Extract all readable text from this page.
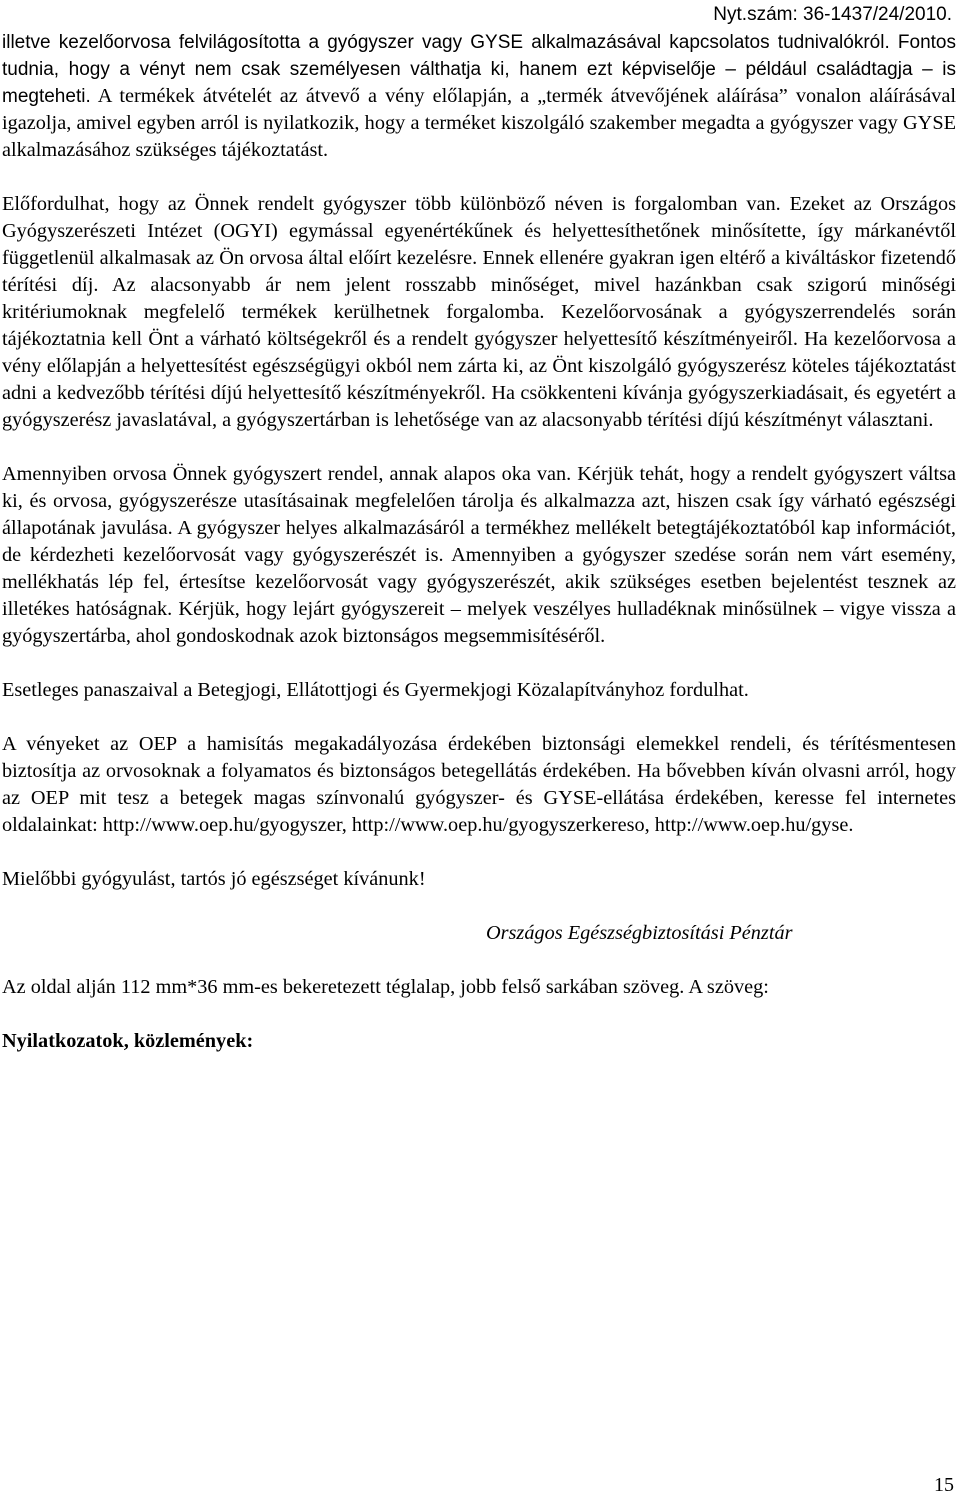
Nyt.szám: 36-1437/24/2010.

illetve kezelőorvosa felvilágosította a gyógyszer vagy GYSE alkalmazásával kapcsolatos tudnivalókról. Fontos tudnia, hogy a vényt nem csak személyesen válthatja ki, hanem ezt képviselője – például családtagja – is megteheti. A termékek átvételét az átvevő a vény előlapján, a „termék átvevőjének aláírása” vonalon aláírásával igazolja, amivel egyben arról is nyilatkozik, hogy a terméket kiszolgáló szakember megadta a gyógyszer vagy GYSE alkalmazásához szükséges tájékoztatást.

Előfordulhat, hogy az Önnek rendelt gyógyszer több különböző néven is forgalomban van. Ezeket az Országos Gyógyszerészeti Intézet (OGYI) egymással egyenértékűnek és helyettesíthetőnek minősítette, így márkanévtől függetlenül alkalmasak az Ön orvosa által előírt kezelésre. Ennek ellenére gyakran igen eltérő a kiváltáskor fizetendő térítési díj. Az alacsonyabb ár nem jelent rosszabb minőséget, mivel hazánkban csak szigorú minőségi kritériumoknak megfelelő termékek kerülhetnek forgalomba. Kezelőorvosának a gyógyszerrendelés során tájékoztatnia kell Önt a várható költségekről és a rendelt gyógyszer helyettesítő készítményeiről. Ha kezelőorvosa a vény előlapján a helyettesítést egészségügyi okból nem zárta ki, az Önt kiszolgáló gyógyszerész köteles tájékoztatást adni a kedvezőbb térítési díjú helyettesítő készítményekről. Ha csökkenteni kívánja gyógyszerkiadásait, és egyetért a gyógyszerész javaslatával, a gyógyszertárban is lehetősége van az alacsonyabb térítési díjú készítményt választani.

Amennyiben orvosa Önnek gyógyszert rendel, annak alapos oka van. Kérjük tehát, hogy a rendelt gyógyszert váltsa ki, és orvosa, gyógyszerésze utasításainak megfelelően tárolja és alkalmazza azt, hiszen csak így várható egészségi állapotának javulása. A gyógyszer helyes alkalmazásáról a termékhez mellékelt betegtájékoztatóból kap információt, de kérdezheti kezelőorvosát vagy gyógyszerészét is. Amennyiben a gyógyszer szedése során nem várt esemény, mellékhatás lép fel, értesítse kezelőorvosát vagy gyógyszerészét, akik szükséges esetben bejelentést tesznek az illetékes hatóságnak. Kérjük, hogy lejárt gyógyszereit – melyek veszélyes hulladéknak minősülnek – vigye vissza a gyógyszertárba, ahol gondoskodnak azok biztonságos megsemmisítéséről.

Esetleges panaszaival a Betegjogi, Ellátottjogi és Gyermekjogi Közalapítványhoz fordulhat.

A vényeket az OEP a hamisítás megakadályozása érdekében biztonsági elemekkel rendeli, és térítésmentesen biztosítja az orvosoknak a folyamatos és biztonságos betegellátás érdekében. Ha bővebben kíván olvasni arról, hogy az OEP mit tesz a betegek magas színvonalú gyógyszer- és GYSE-ellátása érdekében, keresse fel internetes oldalainkat: http://www.oep.hu/gyogyszer, http://www.oep.hu/gyogyszerkereso, http://www.oep.hu/gyse.

Mielőbbi gyógyulást, tartós jó egészséget kívánunk!

Országos Egészségbiztosítási Pénztár

Az oldal alján 112 mm*36 mm-es bekeretezett téglalap, jobb felső sarkában szöveg. A szöveg:

Nyilatkozatok, közlemények:

15
